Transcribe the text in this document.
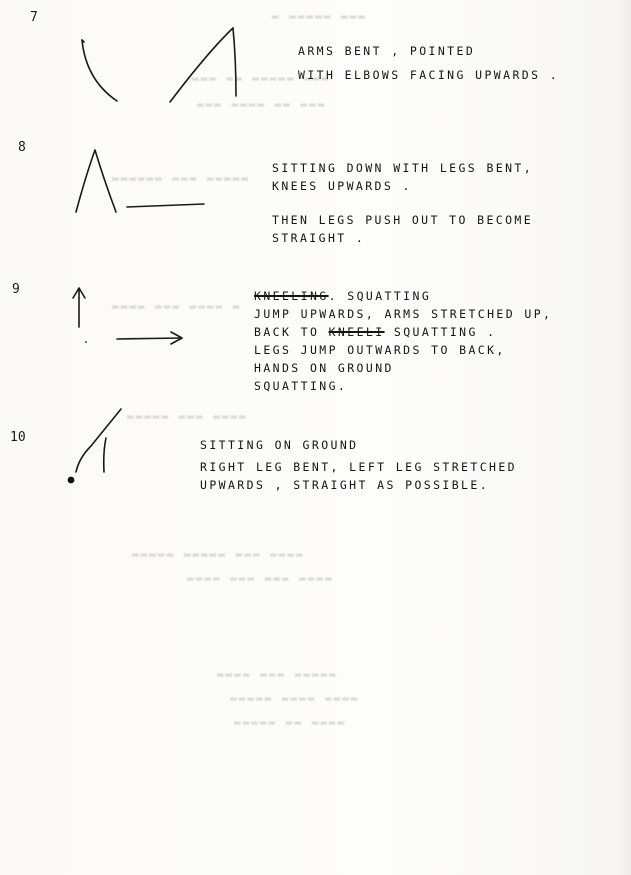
▬▬▬ ▬▬▬▬▬ ▬
▬▬▬ ▬▬▬▬▬ ▬▬ ▬▬▬
▬▬▬ ▬▬ ▬▬▬▬ ▬▬▬
▬▬▬▬▬ ▬▬▬ ▬▬▬▬▬▬
▬ ▬▬▬▬ ▬▬▬ ▬▬▬▬
▬▬▬▬ ▬▬▬ ▬▬▬▬▬
▬▬▬▬ ▬▬▬ ▬▬▬▬▬ ▬▬▬▬▬
▬▬▬▬ ▬▬▬ ▬▬▬ ▬▬▬▬
▬▬▬▬▬ ▬▬▬ ▬▬▬▬
▬▬▬▬ ▬▬▬▬ ▬▬▬▬▬
▬▬▬▬ ▬▬ ▬▬▬▬▬
7
ARMS BENT , POINTED
WITH ELBOWS FACING UPWARDS .
8
SITTING DOWN WITH LEGS BENT,
KNEES UPWARDS .
THEN LEGS PUSH OUT TO BECOME
STRAIGHT .
9	KNEELING. SQUATTING
JUMP UPWARDS, ARMS STRETCHED UP,
BACK TO KNEELI SQUATTING .
LEGS JUMP OUTWARDS TO BACK,
HANDS ON GROUND
SQUATTING.
10	SITTING ON GROUND
RIGHT LEG BENT, LEFT LEG STRETCHED
UPWARDS , STRAIGHT AS POSSIBLE.
